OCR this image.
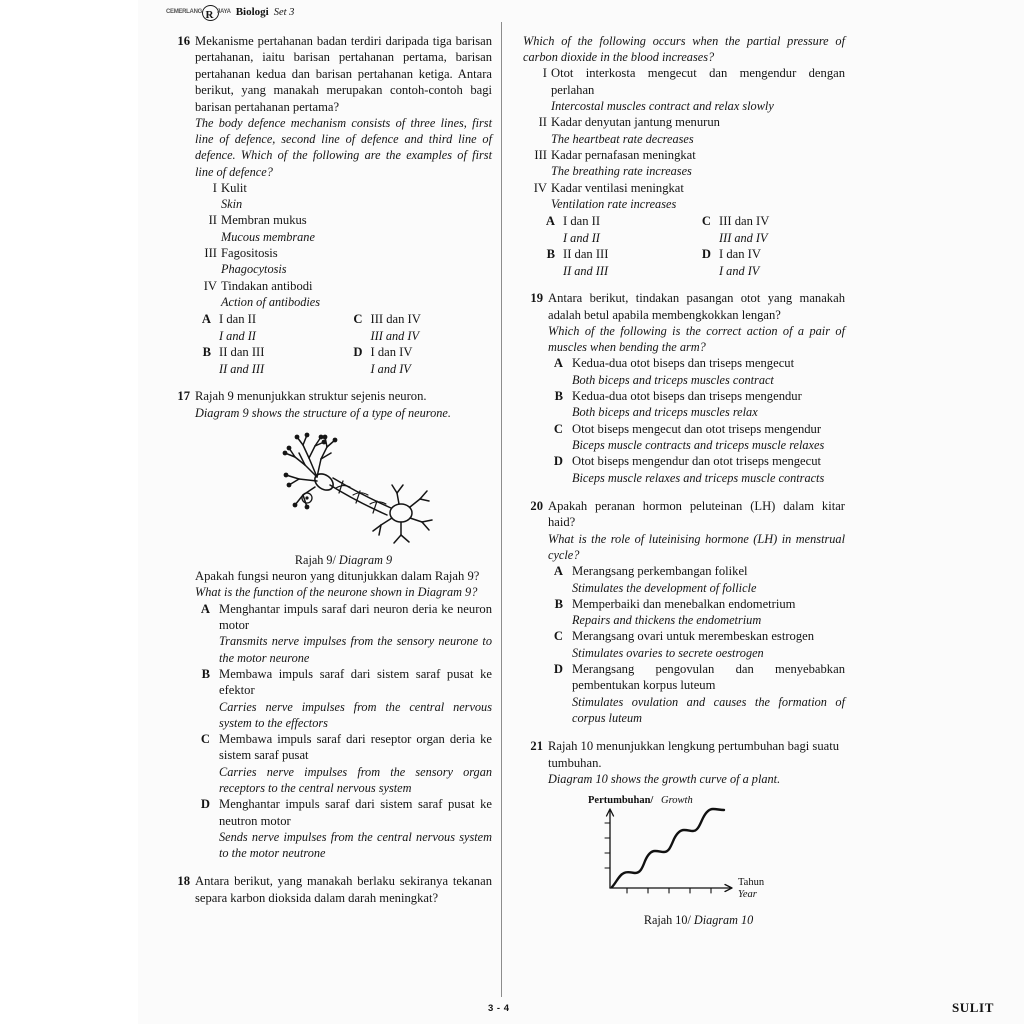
CEMERLANG R JAYA Biologi Set 3
16 Mekanisme pertahanan badan terdiri daripada tiga barisan pertahanan, iaitu barisan pertahanan pertama, barisan pertahanan kedua dan barisan pertahanan ketiga. Antara berikut, yang manakah merupakan contoh-contoh bagi barisan pertahanan pertama?
The body defence mechanism consists of three lines, first line of defence, second line of defence and third line of defence. Which of the following are the examples of first line of defence?
I Kulit
Skin
II Membran mukus
Mucous membrane
III Fagositosis
Phagocytosis
IV Tindakan antibodi
Action of antibodies
A I dan II
I and II
C III dan IV
III and IV
B II dan III
II and III
D I dan IV
I and IV
17 Rajah 9 menunjukkan struktur sejenis neuron.
Diagram 9 shows the structure of a type of neurone.
Rajah 9/ Diagram 9
Apakah fungsi neuron yang ditunjukkan dalam Rajah 9?
What is the function of the neurone shown in Diagram 9?
A Menghantar impuls saraf dari neuron deria ke neuron motor
Transmits nerve impulses from the sensory neurone to the motor neurone
B Membawa impuls saraf dari sistem saraf pusat ke efektor
Carries nerve impulses from the central nervous system to the effectors
C Membawa impuls saraf dari reseptor organ deria ke sistem saraf pusat
Carries nerve impulses from the sensory organ receptors to the central nervous system
D Menghantar impuls saraf dari sistem saraf pusat ke neutron motor
Sends nerve impulses from the central nervous system to the motor neutrone
18 Antara berikut, yang manakah berlaku sekiranya tekanan separa karbon dioksida dalam darah meningkat?
Which of the following occurs when the partial pressure of carbon dioxide in the blood increases?
I Otot interkosta mengecut dan mengendur dengan perlahan
Intercostal muscles contract and relax slowly
II Kadar denyutan jantung menurun
The heartbeat rate decreases
III Kadar pernafasan meningkat
The breathing rate increases
IV Kadar ventilasi meningkat
Ventilation rate increases
A I dan II
I and II
C III dan IV
III and IV
B II dan III
II and III
D I dan IV
I and IV
19 Antara berikut, tindakan pasangan otot yang manakah adalah betul apabila membengkokkan lengan?
Which of the following is the correct action of a pair of muscles when bending the arm?
A Kedua-dua otot biseps dan triseps mengecut
Both biceps and triceps muscles contract
B Kedua-dua otot biseps dan triseps mengendur
Both biceps and triceps muscles relax
C Otot biseps mengecut dan otot triseps mengendur
Biceps muscle contracts and triceps muscle relaxes
D Otot biseps mengendur dan otot triseps mengecut
Biceps muscle relaxes and triceps muscle contracts
20 Apakah peranan hormon peluteinan (LH) dalam kitar haid?
What is the role of luteinising hormone (LH) in menstrual cycle?
A Merangsang perkembangan folikel
Stimulates the development of follicle
B Memperbaiki dan menebalkan endometrium
Repairs and thickens the endometrium
C Merangsang ovari untuk merembeskan estrogen
Stimulates ovaries to secrete oestrogen
D Merangsang pengovulan dan menyebabkan pembentukan korpus luteum
Stimulates ovulation and causes the formation of corpus luteum
21 Rajah 10 menunjukkan lengkung pertumbuhan bagi suatu tumbuhan.
Diagram 10 shows the growth curve of a plant.
Pertumbuhan/ Growth
Tahun
Year
Rajah 10/ Diagram 10
3 - 4	SULIT
